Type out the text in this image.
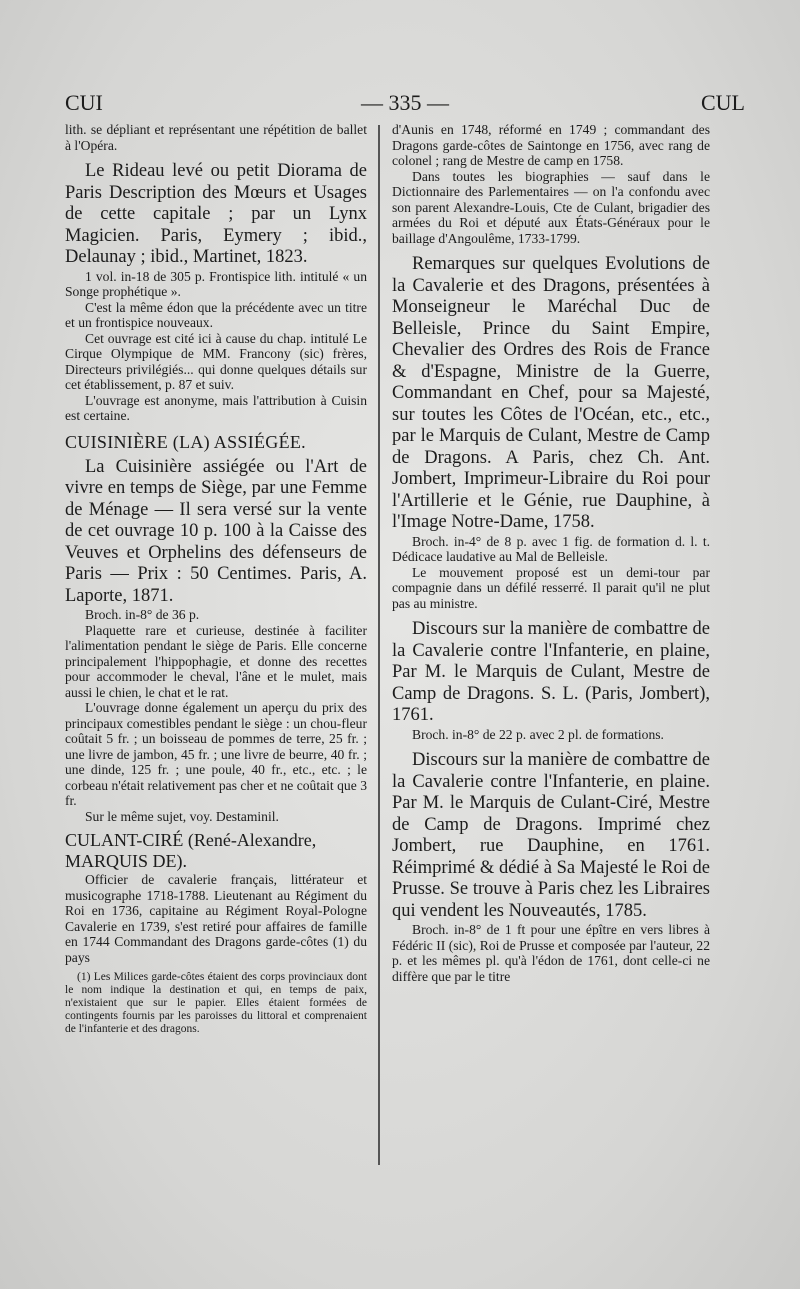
CUI	— 335 —	CUL

lith. se dépliant et représentant une répétition de ballet à l'Opéra.

Le Rideau levé ou petit Diorama de Paris Description des Mœurs et Usages de cette capitale ; par un Lynx Magicien. Paris, Eymery ; ibid., Delaunay ; ibid., Martinet, 1823.

1 vol. in-18 de 305 p. Frontispice lith. intitulé « un Songe prophétique ».

C'est la même édon que la précédente avec un titre et un frontispice nouveaux.

Cet ouvrage est cité ici à cause du chap. intitulé Le Cirque Olympique de MM. Francony (sic) frères, Directeurs privilégiés... qui donne quelques détails sur cet établissement, p. 87 et suiv.

L'ouvrage est anonyme, mais l'attribution à Cuisin est certaine.

CUISINIÈRE (LA) ASSIÉGÉE.

La Cuisinière assiégée ou l'Art de vivre en temps de Siège, par une Femme de Ménage — Il sera versé sur la vente de cet ouvrage 10 p. 100 à la Caisse des Veuves et Orphelins des défenseurs de Paris — Prix : 50 Centimes. Paris, A. Laporte, 1871.

Broch. in-8° de 36 p.

Plaquette rare et curieuse, destinée à faciliter l'alimentation pendant le siège de Paris. Elle concerne principalement l'hippophagie, et donne des recettes pour accommoder le cheval, l'âne et le mulet, mais aussi le chien, le chat et le rat.

L'ouvrage donne également un aperçu du prix des principaux comestibles pendant le siège : un chou-fleur coûtait 5 fr. ; un boisseau de pommes de terre, 25 fr. ; une livre de jambon, 45 fr. ; une livre de beurre, 40 fr. ; une dinde, 125 fr. ; une poule, 40 fr., etc., etc. ; le corbeau n'était relativement pas cher et ne coûtait que 3 fr.

Sur le même sujet, voy. Destaminil.

CULANT-CIRÉ (René-Alexandre, MARQUIS DE).

Officier de cavalerie français, littérateur et musicographe 1718-1788. Lieutenant au Régiment du Roi en 1736, capitaine au Régiment Royal-Pologne Cavalerie en 1739, s'est retiré pour affaires de famille en 1744 Commandant des Dragons garde-côtes (1) du pays

(1) Les Milices garde-côtes étaient des corps provinciaux dont le nom indique la destination et qui, en temps de paix, n'existaient que sur le papier. Elles étaient formées de contingents fournis par les paroisses du littoral et comprenaient de l'infanterie et des dragons.

d'Aunis en 1748, réformé en 1749 ; commandant des Dragons garde-côtes de Saintonge en 1756, avec rang de colonel ; rang de Mestre de camp en 1758.

Dans toutes les biographies — sauf dans le Dictionnaire des Parlementaires — on l'a confondu avec son parent Alexandre-Louis, Cte de Culant, brigadier des armées du Roi et député aux États-Généraux pour le baillage d'Angoulême, 1733-1799.

Remarques sur quelques Evolutions de la Cavalerie et des Dragons, présentées à Monseigneur le Maréchal Duc de Belleisle, Prince du Saint Empire, Chevalier des Ordres des Rois de France & d'Espagne, Ministre de la Guerre, Commandant en Chef, pour sa Majesté, sur toutes les Côtes de l'Océan, etc., etc., par le Marquis de Culant, Mestre de Camp de Dragons. A Paris, chez Ch. Ant. Jombert, Imprimeur-Libraire du Roi pour l'Artillerie et le Génie, rue Dauphine, à l'Image Notre-Dame, 1758.

Broch. in-4° de 8 p. avec 1 fig. de formation d. l. t. Dédicace laudative au Mal de Belleisle.

Le mouvement proposé est un demi-tour par compagnie dans un défilé resserré. Il parait qu'il ne plut pas au ministre.

Discours sur la manière de combattre de la Cavalerie contre l'Infanterie, en plaine, Par M. le Marquis de Culant, Mestre de Camp de Dragons. S. L. (Paris, Jombert), 1761.

Broch. in-8° de 22 p. avec 2 pl. de formations.

Discours sur la manière de combattre de la Cavalerie contre l'Infanterie, en plaine. Par M. le Marquis de Culant-Ciré, Mestre de Camp de Dragons. Imprimé chez Jombert, rue Dauphine, en 1761. Réimprimé & dédié à Sa Majesté le Roi de Prusse. Se trouve à Paris chez les Libraires qui vendent les Nouveautés, 1785.

Broch. in-8° de 1 ft pour une épître en vers libres à Fédéric II (sic), Roi de Prusse et composée par l'auteur, 22 p. et les mêmes pl. qu'à l'édon de 1761, dont celle-ci ne diffère que par le titre
